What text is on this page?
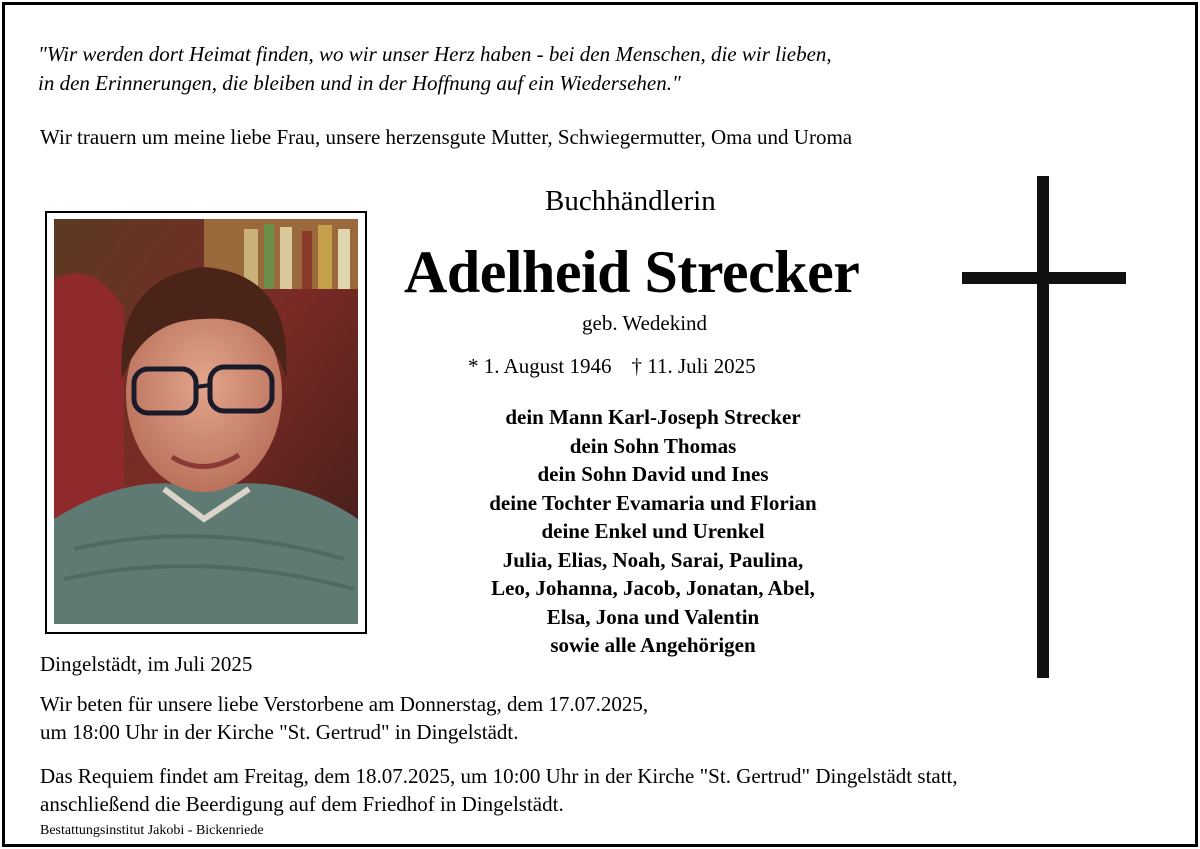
"Wir werden dort Heimat finden, wo wir unser Herz haben - bei den Menschen, die wir lieben,
in den Erinnerungen, die bleiben und in der Hoffnung auf ein Wiedersehen."
Wir trauern um meine liebe Frau, unsere herzensgute Mutter, Schwiegermutter, Oma und Uroma
Buchhändlerin
Adelheid Strecker
geb. Wedekind
* 1. August 1946 † 11. Juli 2025
dein Mann Karl-Joseph Strecker
dein Sohn Thomas
dein Sohn David und Ines
deine Tochter Evamaria und Florian
deine Enkel und Urenkel
Julia, Elias, Noah, Sarai, Paulina,
Leo, Johanna, Jacob, Jonatan, Abel,
Elsa, Jona und Valentin
sowie alle Angehörigen
Dingelstädt, im Juli 2025
Wir beten für unsere liebe Verstorbene am Donnerstag, dem 17.07.2025,
um 18:00 Uhr in der Kirche "St. Gertrud" in Dingelstädt.
Das Requiem findet am Freitag, dem 18.07.2025, um 10:00 Uhr in der Kirche "St. Gertrud" Dingelstädt statt,
anschließend die Beerdigung auf dem Friedhof in Dingelstädt.
Bestattungsinstitut Jakobi - Bickenriede
